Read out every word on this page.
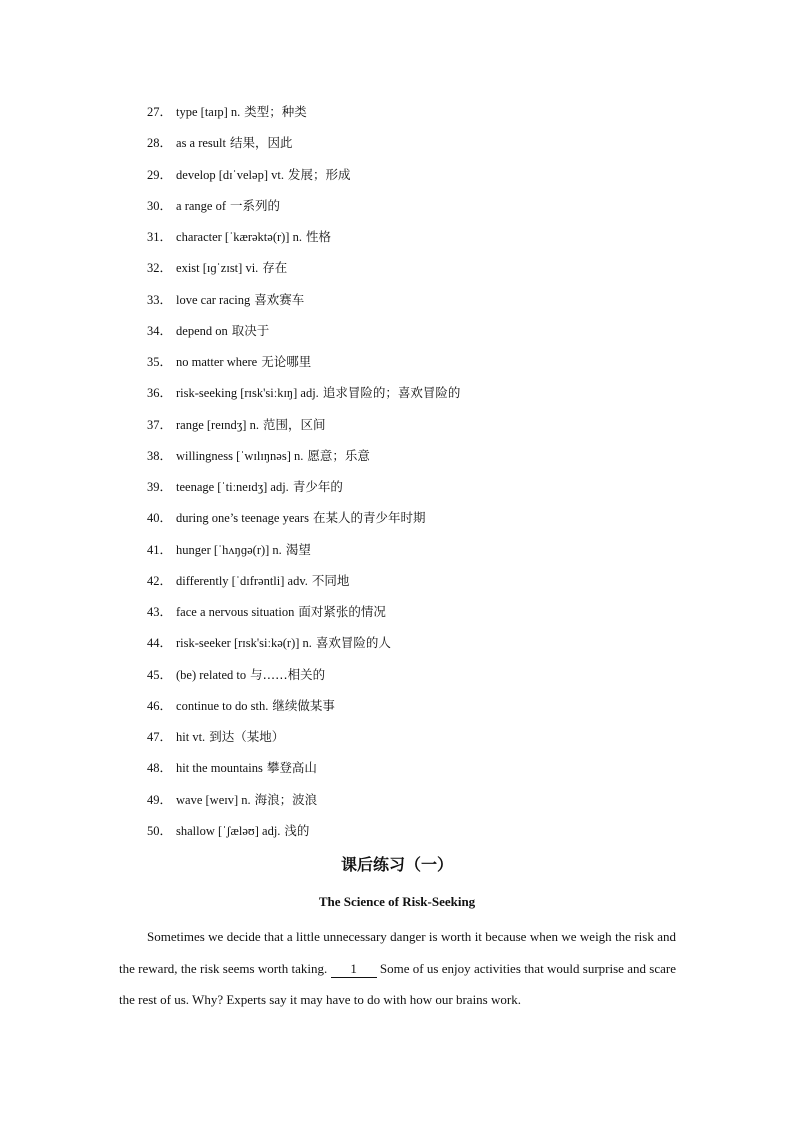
27． type [taɪp] n. 类型；种类
28． as a result 结果，因此
29． develop [dɪˈveləp] vt. 发展；形成
30． a range of 一系列的
31． character [ˈkærəktə(r)] n. 性格
32． exist [ɪɡˈzɪst] vi. 存在
33． love car racing 喜欢赛车
34． depend on 取决于
35． no matter where 无论哪里
36． risk-seeking [rɪsk'siːkɪŋ] adj. 追求冒险的；喜欢冒险的
37． range [reɪndʒ] n. 范围，区间
38． willingness [ˈwɪlɪŋnəs] n. 愿意；乐意
39． teenage [ˈtiːneɪdʒ] adj. 青少年的
40． during one’s teenage years 在某人的青少年时期
41． hunger [ˈhʌŋɡə(r)] n. 渴望
42． differently [ˈdɪfrəntli] adv. 不同地
43． face a nervous situation 面对紧张的情况
44． risk-seeker [rɪsk'siːkə(r)] n. 喜欢冒险的人
45． (be) related to 与……相关的
46． continue to do sth. 继续做某事
47． hit vt. 到达（某地）
48． hit the mountains 攀登高山
49． wave [weɪv] n. 海浪；波浪
50． shallow [ˈʃæləʊ] adj. 浅的
课后练习（一）
The Science of Risk-Seeking

Sometimes we decide that a little unnecessary danger is worth it because when we weigh the risk and the reward, the risk seems worth taking. 1 Some of us enjoy activities that would surprise and scare the rest of us. Why? Experts say it may have to do with how our brains work.
